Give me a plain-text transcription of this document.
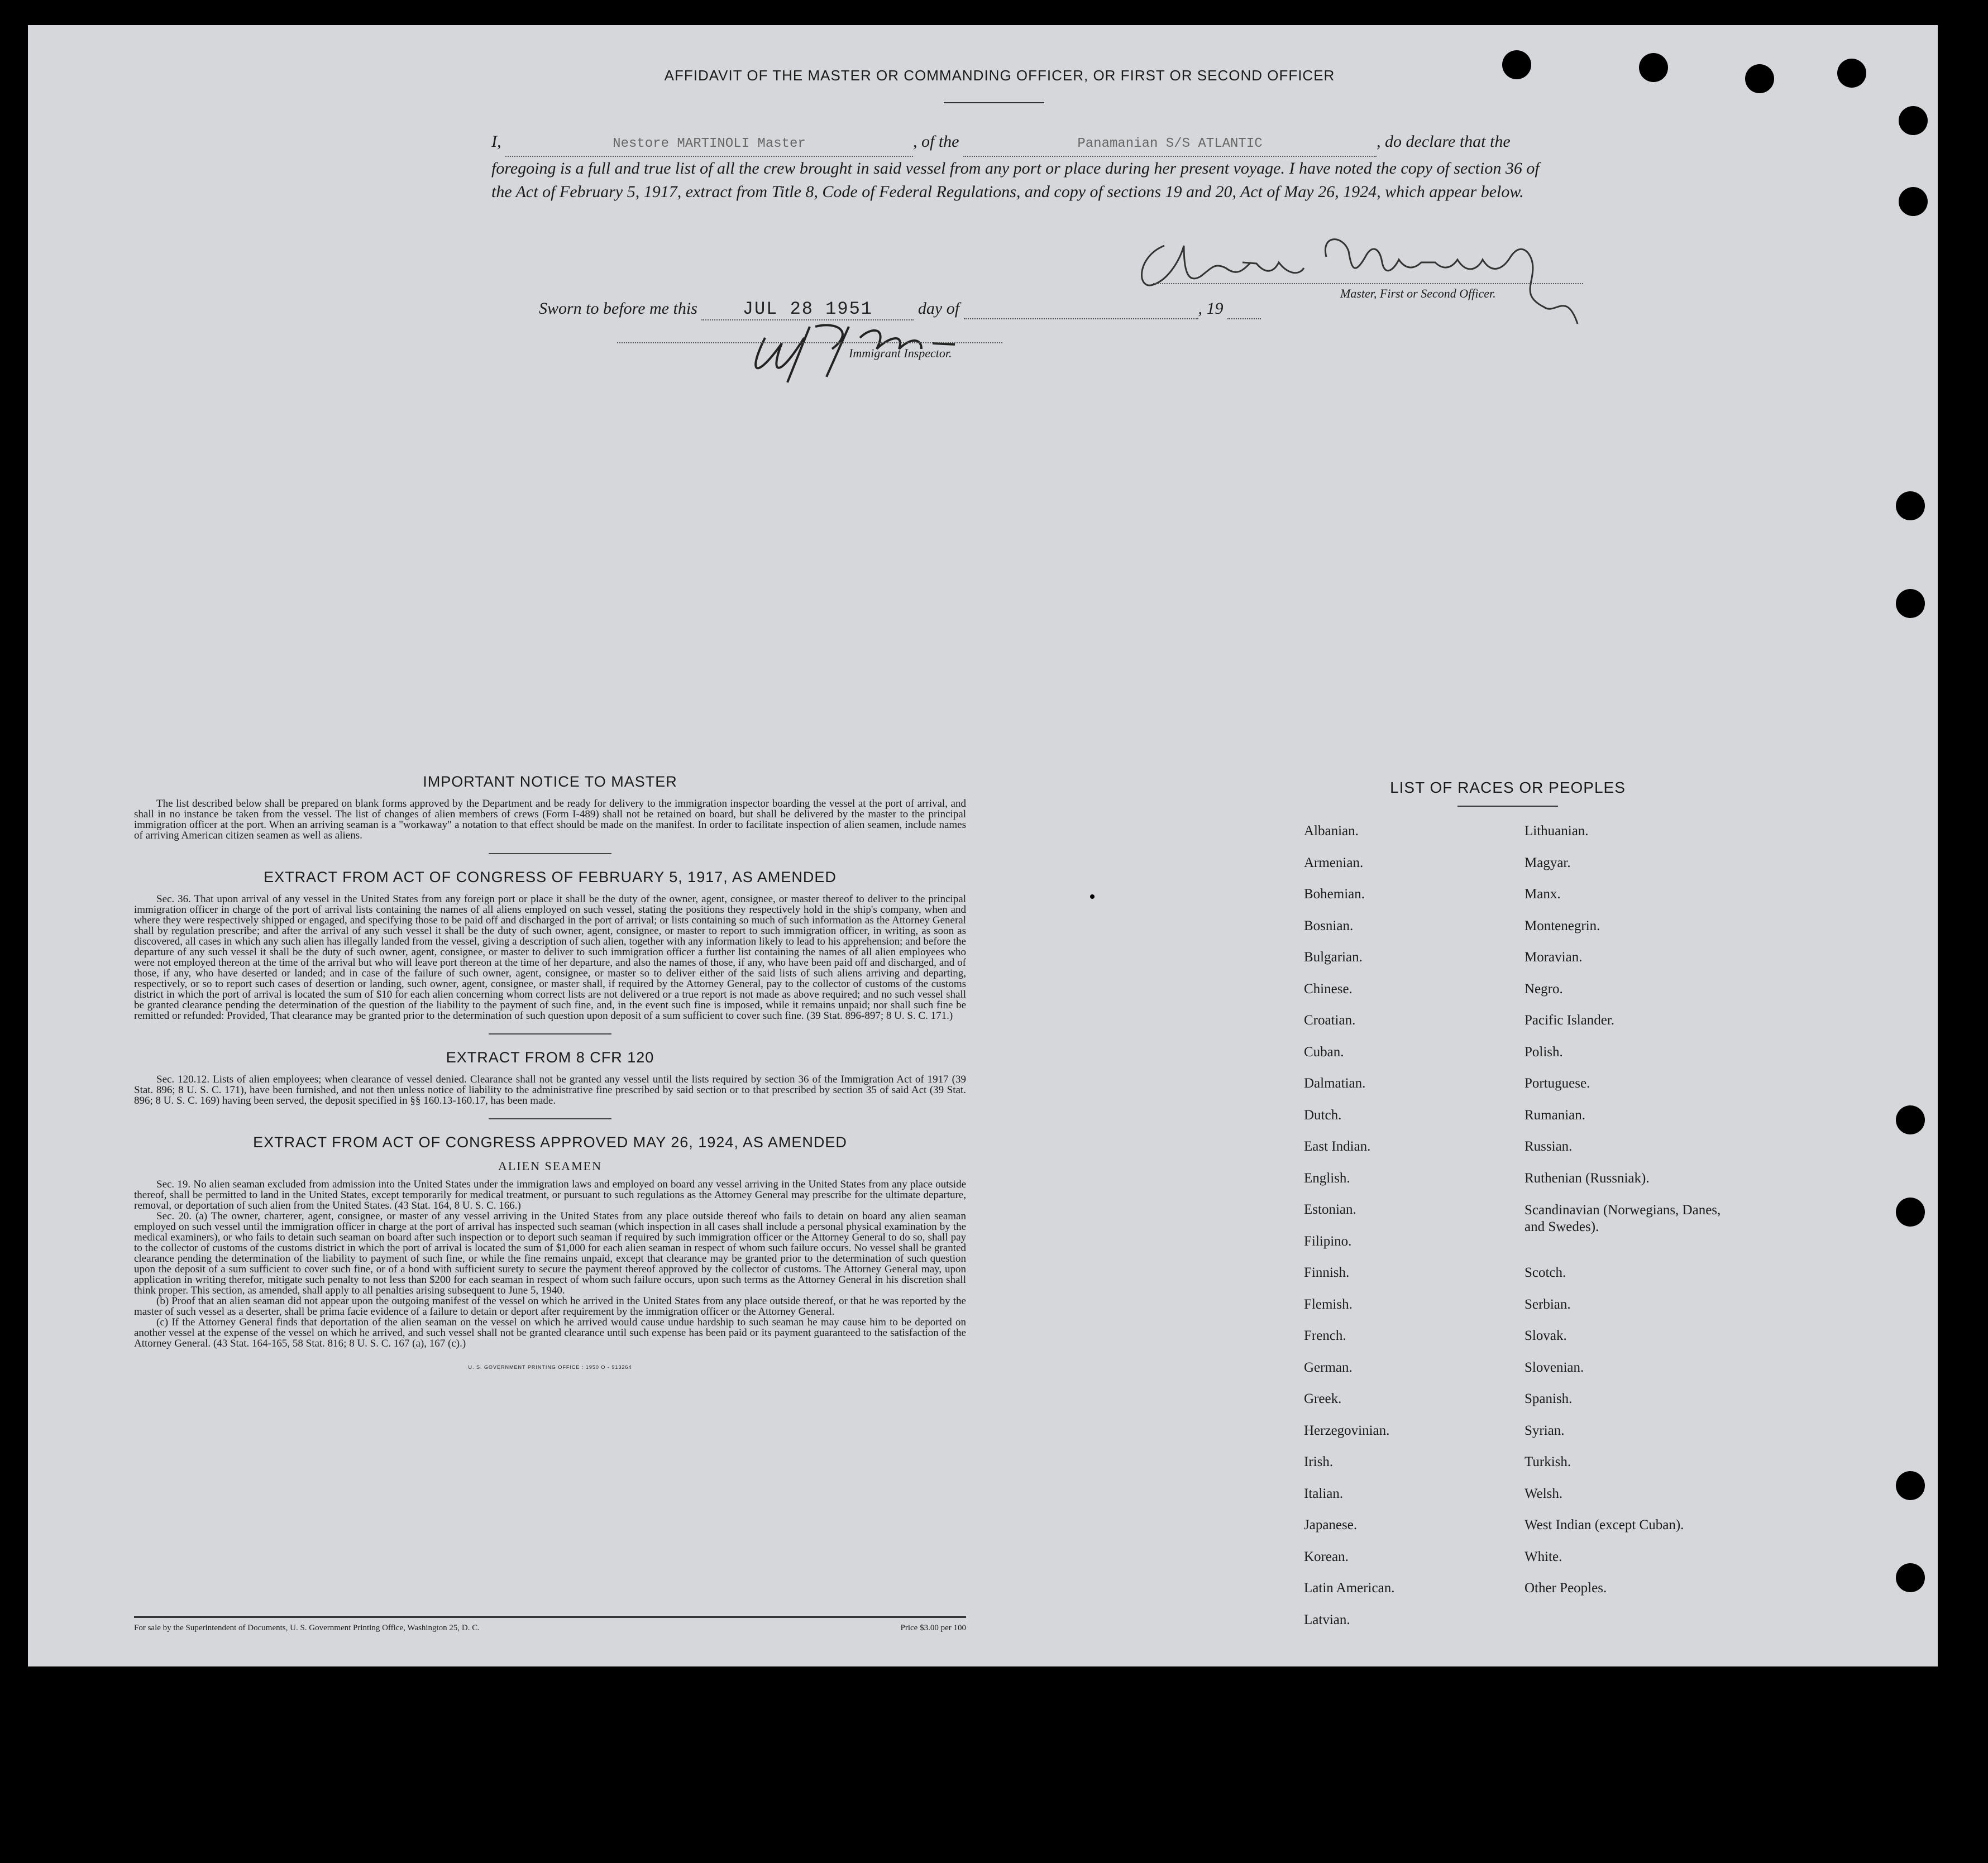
AFFIDAVIT OF THE MASTER OR COMMANDING OFFICER, OR FIRST OR SECOND OFFICER
I,	Nestore MARTINOLI Master	, of the	Panamanian S/S ATLANTIC	, do declare that the foregoing is a full and true list of all the crew brought in said vessel from any port or place during her present voyage. I have noted the copy of section 36 of the Act of February 5, 1917, extract from Title 8, Code of Federal Regulations, and copy of sections 19 and 20, Act of May 26, 1924, which appear below.
Master, First or Second Officer.
Sworn to before me this	JUL 28 1951	day of	, 19
Immigrant Inspector.
IMPORTANT NOTICE TO MASTER

The list described below shall be prepared on blank forms approved by the Department and be ready for delivery to the immigration inspector boarding the vessel at the port of arrival, and shall in no instance be taken from the vessel. The list of changes of alien members of crews (Form I-489) shall not be retained on board, but shall be delivered by the master to the principal immigration officer at the port. When an arriving seaman is a "workaway" a notation to that effect should be made on the manifest. In order to facilitate inspection of alien seamen, include names of arriving American citizen seamen as well as aliens.

EXTRACT FROM ACT OF CONGRESS OF FEBRUARY 5, 1917, AS AMENDED

Sec. 36. That upon arrival of any vessel in the United States from any foreign port or place it shall be the duty of the owner, agent, consignee, or master thereof to deliver to the principal immigration officer in charge of the port of arrival lists containing the names of all aliens employed on such vessel, stating the positions they respectively hold in the ship's company, when and where they were respectively shipped or engaged, and specifying those to be paid off and discharged in the port of arrival; or lists containing so much of such information as the Attorney General shall by regulation prescribe; and after the arrival of any such vessel it shall be the duty of such owner, agent, consignee, or master to report to such immigration officer, in writing, as soon as discovered, all cases in which any such alien has illegally landed from the vessel, giving a description of such alien, together with any information likely to lead to his apprehension; and before the departure of any such vessel it shall be the duty of such owner, agent, consignee, or master to deliver to such immigration officer a further list containing the names of all alien employees who were not employed thereon at the time of the arrival but who will leave port thereon at the time of her departure, and also the names of those, if any, who have been paid off and discharged, and of those, if any, who have deserted or landed; and in case of the failure of such owner, agent, consignee, or master so to deliver either of the said lists of such aliens arriving and departing, respectively, or so to report such cases of desertion or landing, such owner, agent, consignee, or master shall, if required by the Attorney General, pay to the collector of customs of the customs district in which the port of arrival is located the sum of $10 for each alien concerning whom correct lists are not delivered or a true report is not made as above required; and no such vessel shall be granted clearance pending the determination of the question of the liability to the payment of such fine, and, in the event such fine is imposed, while it remains unpaid; nor shall such fine be remitted or refunded: Provided, That clearance may be granted prior to the determination of such question upon deposit of a sum sufficient to cover such fine. (39 Stat. 896-897; 8 U. S. C. 171.)

EXTRACT FROM 8 CFR 120

Sec. 120.12. Lists of alien employees; when clearance of vessel denied. Clearance shall not be granted any vessel until the lists required by section 36 of the Immigration Act of 1917 (39 Stat. 896; 8 U. S. C. 171), have been furnished, and not then unless notice of liability to the administrative fine prescribed by said section or to that prescribed by section 35 of said Act (39 Stat. 896; 8 U. S. C. 169) having been served, the deposit specified in §§ 160.13-160.17, has been made.

EXTRACT FROM ACT OF CONGRESS APPROVED MAY 26, 1924, AS AMENDED
ALIEN SEAMEN

Sec. 19. No alien seaman excluded from admission into the United States under the immigration laws and employed on board any vessel arriving in the United States from any place outside thereof, shall be permitted to land in the United States, except temporarily for medical treatment, or pursuant to such regulations as the Attorney General may prescribe for the ultimate departure, removal, or deportation of such alien from the United States. (43 Stat. 164, 8 U. S. C. 166.)

Sec. 20. (a) The owner, charterer, agent, consignee, or master of any vessel arriving in the United States from any place outside thereof who fails to detain on board any alien seaman employed on such vessel until the immigration officer in charge at the port of arrival has inspected such seaman (which inspection in all cases shall include a personal physical examination by the medical examiners), or who fails to detain such seaman on board after such inspection or to deport such seaman if required by such immigration officer or the Attorney General to do so, shall pay to the collector of customs of the customs district in which the port of arrival is located the sum of $1,000 for each alien seaman in respect of whom such failure occurs. No vessel shall be granted clearance pending the determination of the liability to payment of such fine, or while the fine remains unpaid, except that clearance may be granted prior to the determination of such question upon the deposit of a sum sufficient to cover such fine, or of a bond with sufficient surety to secure the payment thereof approved by the collector of customs. The Attorney General may, upon application in writing therefor, mitigate such penalty to not less than $200 for each seaman in respect of whom such failure occurs, upon such terms as the Attorney General in his discretion shall think proper. This section, as amended, shall apply to all penalties arising subsequent to June 5, 1940.

(b) Proof that an alien seaman did not appear upon the outgoing manifest of the vessel on which he arrived in the United States from any place outside thereof, or that he was reported by the master of such vessel as a deserter, shall be prima facie evidence of a failure to detain or deport after requirement by the immigration officer or the Attorney General.

(c) If the Attorney General finds that deportation of the alien seaman on the vessel on which he arrived would cause undue hardship to such seaman he may cause him to be deported on another vessel at the expense of the vessel on which he arrived, and such vessel shall not be granted clearance until such expense has been paid or its payment guaranteed to the satisfaction of the Attorney General. (43 Stat. 164-165, 58 Stat. 816; 8 U. S. C. 167 (a), 167 (c).)

U. S. GOVERNMENT PRINTING OFFICE : 1950 O - 913264
For sale by the Superintendent of Documents, U. S. Government Printing Office, Washington 25, D. C.	Price $3.00 per 100
LIST OF RACES OR PEOPLES
Albanian.
Armenian.
Bohemian.
Bosnian.
Bulgarian.
Chinese.
Croatian.
Cuban.
Dalmatian.
Dutch.
East Indian.
English.
Estonian.
Filipino.
Finnish.
Flemish.
French.
German.
Greek.
Herzegovinian.
Irish.
Italian.
Japanese.
Korean.
Latin American.
Latvian.
Lithuanian.
Magyar.
Manx.
Montenegrin.
Moravian.
Negro.
Pacific Islander.
Polish.
Portuguese.
Rumanian.
Russian.
Ruthenian (Russniak).
Scandinavian (Norwegians, Danes, and Swedes).
Scotch.
Serbian.
Slovak.
Slovenian.
Spanish.
Syrian.
Turkish.
Welsh.
West Indian (except Cuban).
White.
Other Peoples.
